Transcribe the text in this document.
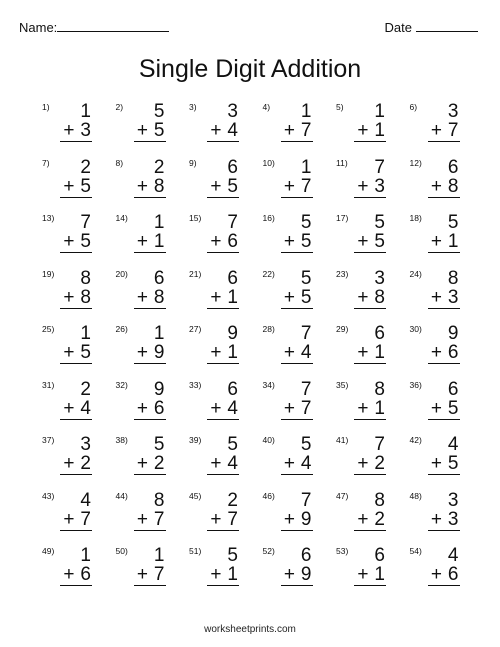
Name:	Date
Single Digit Addition
1)	1
+ 3
2)	5
+ 5
3)	3
+ 4
4)	1
+ 7
5)	1
+ 1
6)	3
+ 7
7)	2
+ 5
8)	2
+ 8
9)	6
+ 5
10)	1
+ 7
11)	7
+ 3
12)	6
+ 8
13)	7
+ 5
14)	1
+ 1
15)	7
+ 6
16)	5
+ 5
17)	5
+ 5
18)	5
+ 1
19)	8
+ 8
20)	6
+ 8
21)	6
+ 1
22)	5
+ 5
23)	3
+ 8
24)	8
+ 3
25)	1
+ 5
26)	1
+ 9
27)	9
+ 1
28)	7
+ 4
29)	6
+ 1
30)	9
+ 6
31)	2
+ 4
32)	9
+ 6
33)	6
+ 4
34)	7
+ 7
35)	8
+ 1
36)	6
+ 5
37)	3
+ 2
38)	5
+ 2
39)	5
+ 4
40)	5
+ 4
41)	7
+ 2
42)	4
+ 5
43)	4
+ 7
44)	8
+ 7
45)	2
+ 7
46)	7
+ 9
47)	8
+ 2
48)	3
+ 3
49)	1
+ 6
50)	1
+ 7
51)	5
+ 1
52)	6
+ 9
53)	6
+ 1
54)	4
+ 6
worksheetprints.com
